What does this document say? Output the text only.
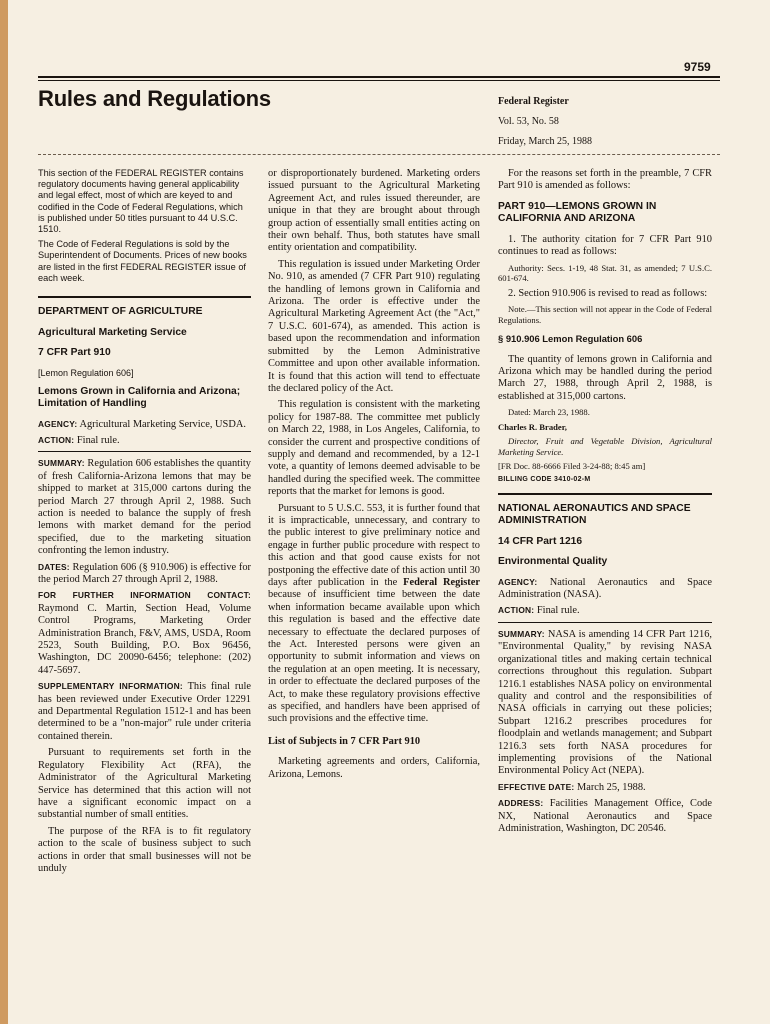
9759
Rules and Regulations	Federal Register
Vol. 53, No. 58
Friday, March 25, 1988
This section of the FEDERAL REGISTER contains regulatory documents having general applicability and legal effect, most of which are keyed to and codified in the Code of Federal Regulations, which is published under 50 titles pursuant to 44 U.S.C. 1510.
The Code of Federal Regulations is sold by the Superintendent of Documents. Prices of new books are listed in the first FEDERAL REGISTER issue of each week.
DEPARTMENT OF AGRICULTURE
Agricultural Marketing Service
7 CFR Part 910
[Lemon Regulation 606]
Lemons Grown in California and Arizona; Limitation of Handling

AGENCY: Agricultural Marketing Service, USDA.

ACTION: Final rule.

SUMMARY: Regulation 606 establishes the quantity of fresh California-Arizona lemons that may be shipped to market at 315,000 cartons during the period March 27 through April 2, 1988. Such action is needed to balance the supply of fresh lemons with market demand for the period specified, due to the marketing situation confronting the lemon industry.

DATES: Regulation 606 (§ 910.906) is effective for the period March 27 through April 2, 1988.

FOR FURTHER INFORMATION CONTACT: Raymond C. Martin, Section Head, Volume Control Programs, Marketing Order Administration Branch, F&V, AMS, USDA, Room 2523, South Building, P.O. Box 96456, Washington, DC 20090-6456; telephone: (202) 447-5697.

SUPPLEMENTARY INFORMATION: This final rule has been reviewed under Executive Order 12291 and Departmental Regulation 1512-1 and has been determined to be a "non-major" rule under criteria contained therein.

Pursuant to requirements set forth in the Regulatory Flexibility Act (RFA), the Administrator of the Agricultural Marketing Service has determined that this action will not have a significant economic impact on a substantial number of small entities.

The purpose of the RFA is to fit regulatory action to the scale of business subject to such actions in order that small businesses will not be unduly

or disproportionately burdened. Marketing orders issued pursuant to the Agricultural Marketing Agreement Act, and rules issued thereunder, are unique in that they are brought about through group action of essentially small entities acting on their own behalf. Thus, both statutes have small entity orientation and compatibility.

This regulation is issued under Marketing Order No. 910, as amended (7 CFR Part 910) regulating the handling of lemons grown in California and Arizona. The order is effective under the Agricultural Marketing Agreement Act (the "Act," 7 U.S.C. 601-674), as amended. This action is based upon the recommendation and information submitted by the Lemon Administrative Committee and upon other available information. It is found that this action will tend to effectuate the declared policy of the Act.

This regulation is consistent with the marketing policy for 1987-88. The committee met publicly on March 22, 1988, in Los Angeles, California, to consider the current and prospective conditions of supply and demand and recommended, by a 12-1 vote, a quantity of lemons deemed advisable to be handled during the specified week. The committee reports that the market for lemons is good.

Pursuant to 5 U.S.C. 553, it is further found that it is impracticable, unnecessary, and contrary to the public interest to give preliminary notice and engage in further public procedure with respect to this action and that good cause exists for not postponing the effective date of this action until 30 days after publication in the Federal Register because of insufficient time between the date when information became available upon which this regulation is based and the effective date necessary to effectuate the declared purposes of the Act. Interested persons were given an opportunity to submit information and views on the regulation at an open meeting. It is necessary, in order to effectuate the declared purposes of the Act, to make these regulatory provisions effective as specified, and handlers have been apprised of such provisions and the effective time.

List of Subjects in 7 CFR Part 910

Marketing agreements and orders, California, Arizona, Lemons.

For the reasons set forth in the preamble, 7 CFR Part 910 is amended as follows:

PART 910—LEMONS GROWN IN CALIFORNIA AND ARIZONA

1. The authority citation for 7 CFR Part 910 continues to read as follows:

Authority: Secs. 1-19, 48 Stat. 31, as amended; 7 U.S.C. 601-674.

2. Section 910.906 is revised to read as follows:

Note.—This section will not appear in the Code of Federal Regulations.

§ 910.906 Lemon Regulation 606

The quantity of lemons grown in California and Arizona which may be handled during the period March 27, 1988, through April 2, 1988, is established at 315,000 cartons.

Dated: March 23, 1988.

Charles R. Brader,

Director, Fruit and Vegetable Division, Agricultural Marketing Service.

[FR Doc. 88-6666 Filed 3-24-88; 8:45 am]

BILLING CODE 3410-02-M
NATIONAL AERONAUTICS AND SPACE ADMINISTRATION
14 CFR Part 1216
Environmental Quality

AGENCY: National Aeronautics and Space Administration (NASA).

ACTION: Final rule.

SUMMARY: NASA is amending 14 CFR Part 1216, "Environmental Quality," by revising NASA organizational titles and making certain technical corrections throughout this regulation. Subpart 1216.1 establishes NASA policy on environmental quality and control and the responsibilities of NASA officials in carrying out these policies; Subpart 1216.2 prescribes procedures for floodplain and wetlands management; and Subpart 1216.3 sets forth NASA procedures for implementing provisions of the National Environmental Policy Act (NEPA).

EFFECTIVE DATE: March 25, 1988.

ADDRESS: Facilities Management Office, Code NX, National Aeronautics and Space Administration, Washington, DC 20546.
